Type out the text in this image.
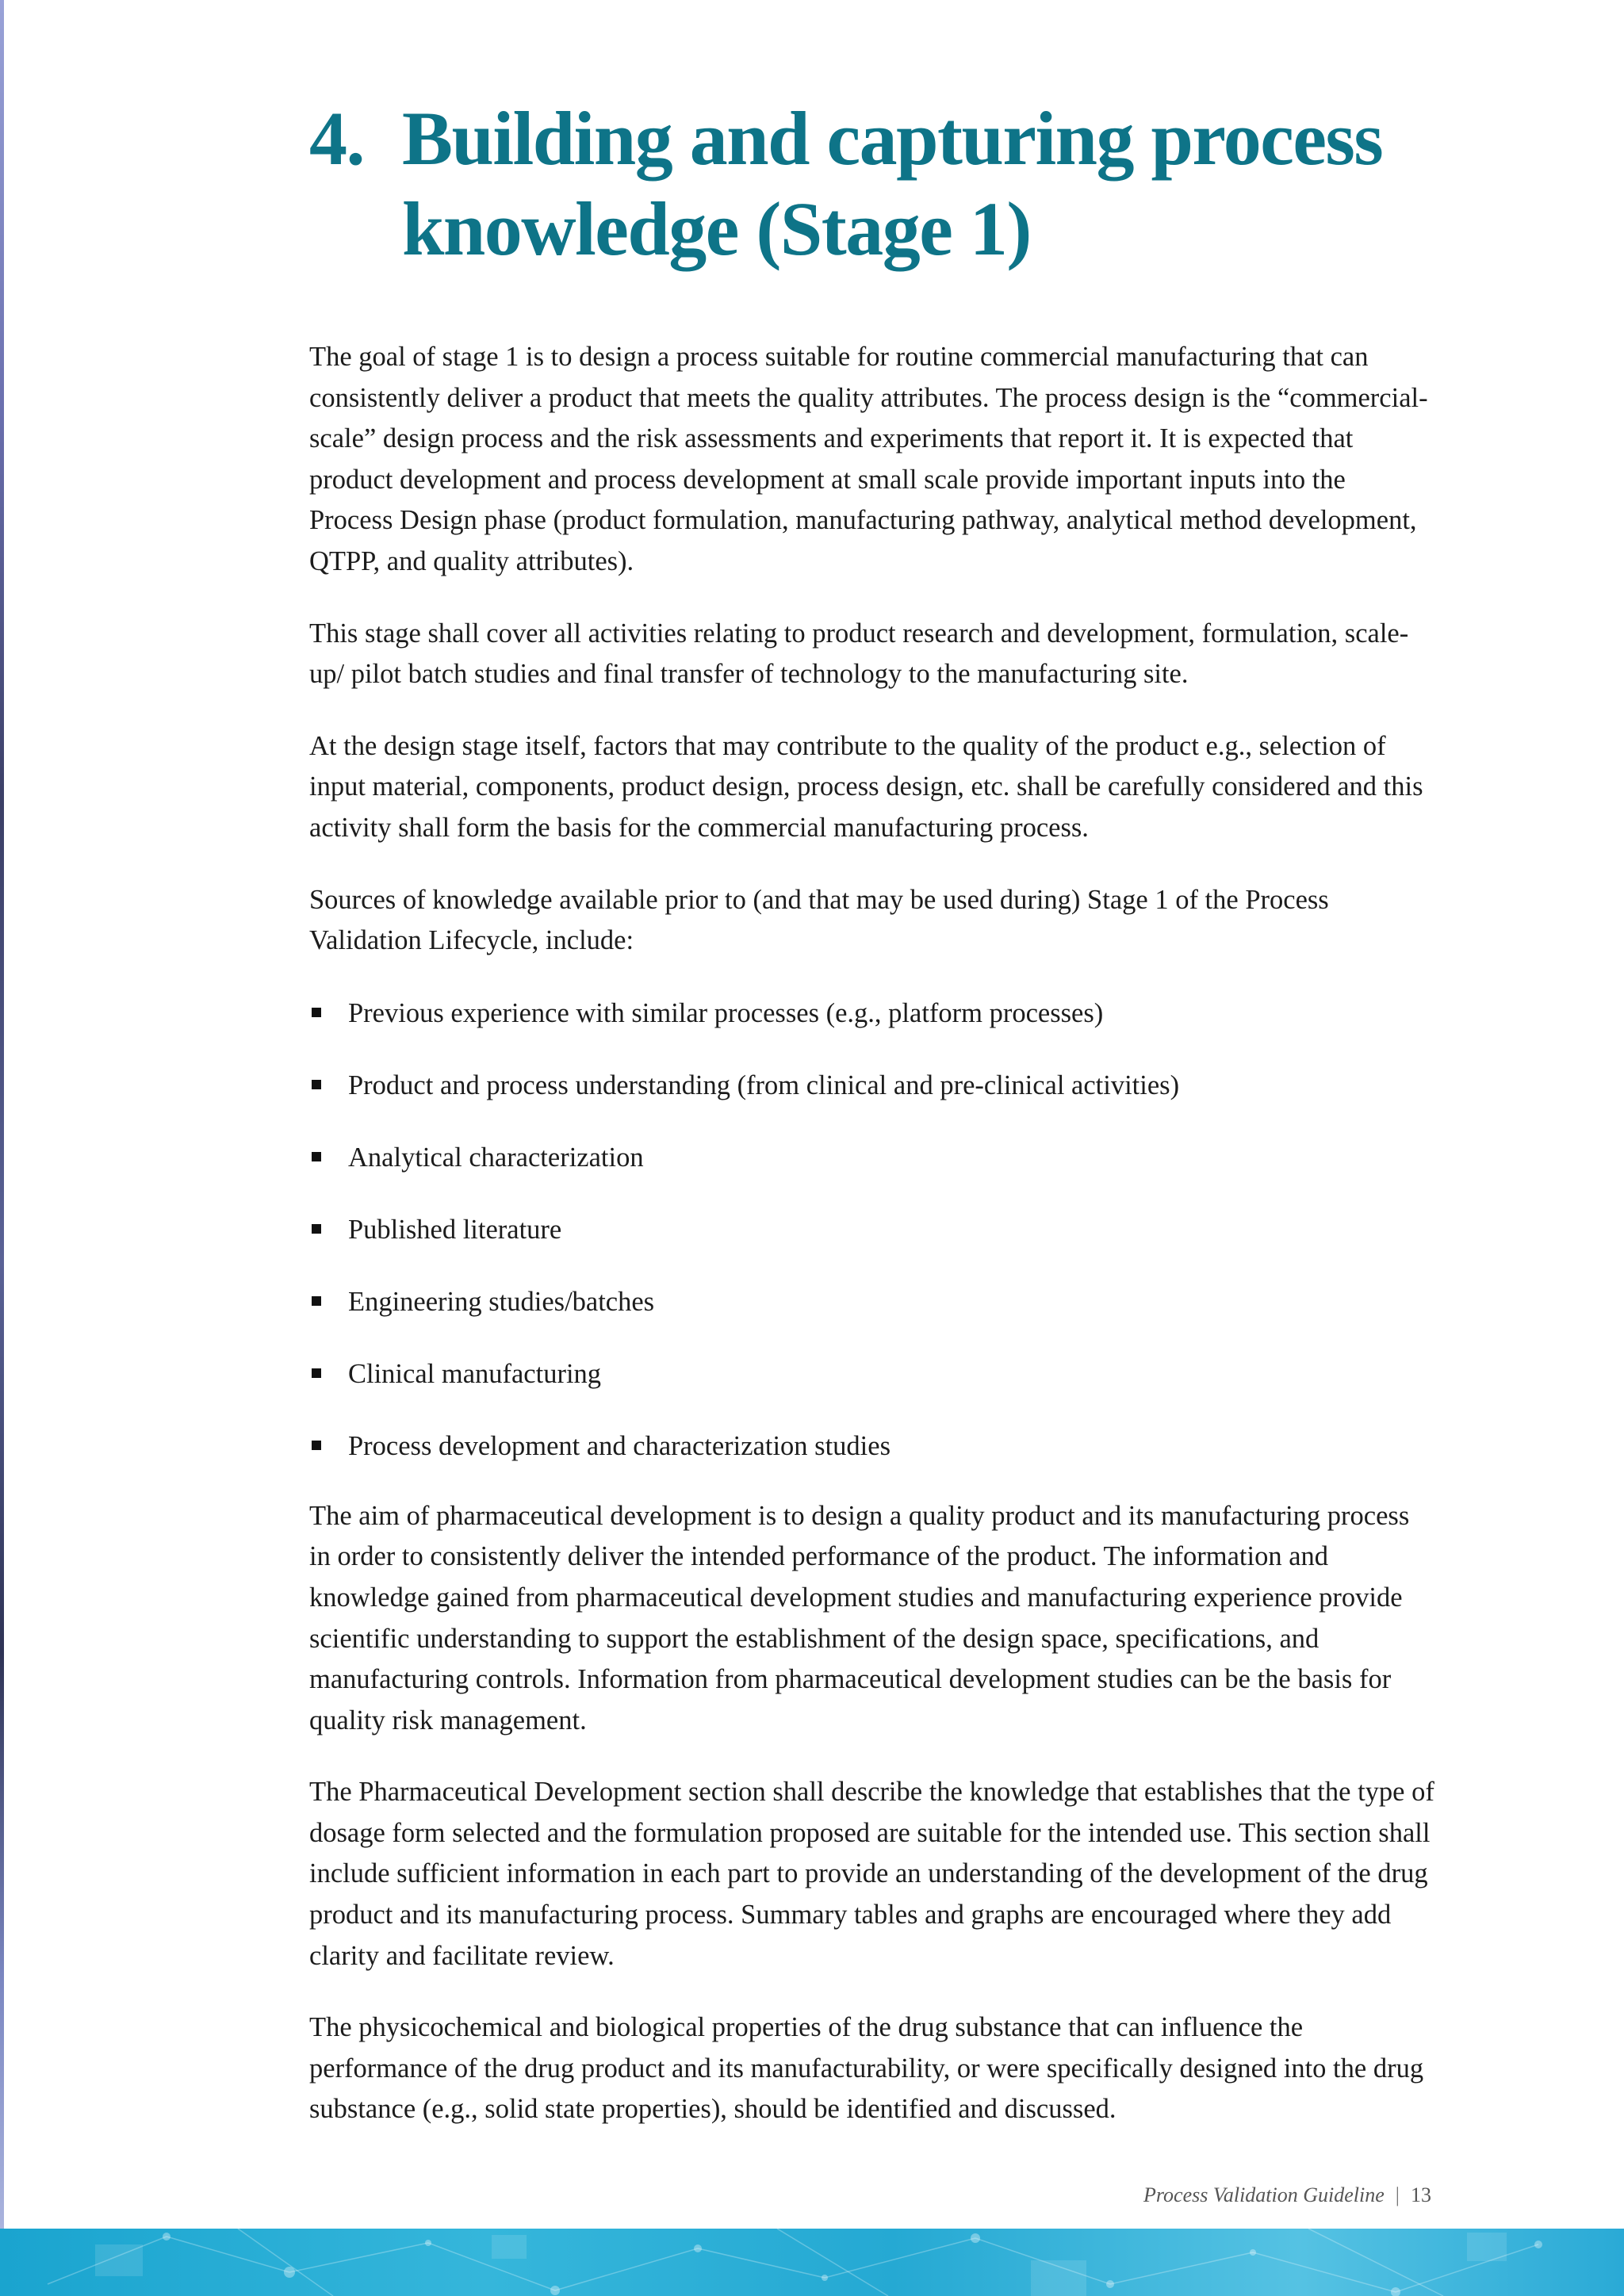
4. Building and capturing process knowledge (Stage 1)

The goal of stage 1 is to design a process suitable for routine commercial manufacturing that can consistently deliver a product that meets the quality attributes. The process design is the “commercial-scale” design process and the risk assessments and experiments that report it. It is expected that product development and process development at small scale provide important inputs into the Process Design phase (product formulation, manufacturing pathway, analytical method development, QTPP, and quality attributes).

This stage shall cover all activities relating to product research and development, formulation, scale-up/ pilot batch studies and final transfer of technology to the manufacturing site.

At the design stage itself, factors that may contribute to the quality of the product e.g., selection of input material, components, product design, process design, etc. shall be carefully considered and this activity shall form the basis for the commercial manufacturing process.

Sources of knowledge available prior to (and that may be used during) Stage 1 of the Process Validation Lifecycle, include:

Previous experience with similar processes (e.g., platform processes)
Product and process understanding (from clinical and pre-clinical activities)
Analytical characterization
Published literature
Engineering studies/batches
Clinical manufacturing
Process development and characterization studies

The aim of pharmaceutical development is to design a quality product and its manufacturing process in order to consistently deliver the intended performance of the product. The information and knowledge gained from pharmaceutical development studies and manufacturing experience provide scientific understanding to support the establishment of the design space, specifications, and manufacturing controls. Information from pharmaceutical development studies can be the basis for quality risk management.

The Pharmaceutical Development section shall describe the knowledge that establishes that the type of dosage form selected and the formulation proposed are suitable for the intended use. This section shall include sufficient information in each part to provide an understanding of the development of the drug product and its manufacturing process. Summary tables and graphs are encouraged where they add clarity and facilitate review.

The physicochemical and biological properties of the drug substance that can influence the performance of the drug product and its manufacturability, or were specifically designed into the drug substance (e.g., solid state properties), should be identified and discussed.

Process Validation Guideline | 13
